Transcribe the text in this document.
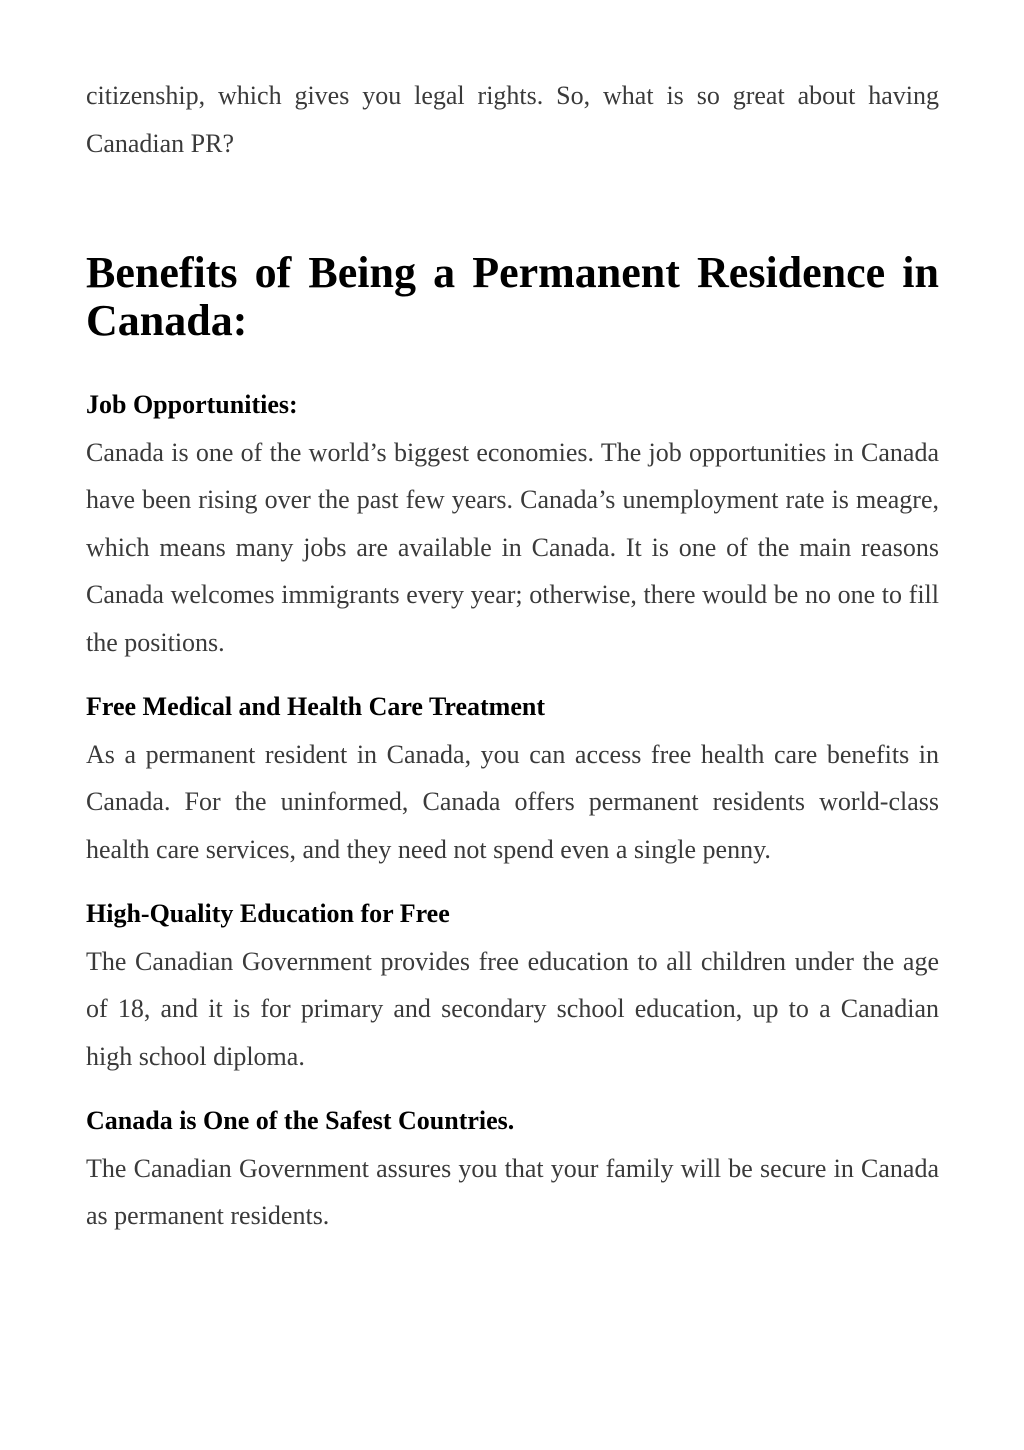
citizenship, which gives you legal rights. So, what is so great about having Canadian PR?

Benefits of Being a Permanent Residence in Canada:
Job Opportunities:

Canada is one of the world’s biggest economies. The job opportunities in Canada have been rising over the past few years. Canada’s unemployment rate is meagre, which means many jobs are available in Canada. It is one of the main reasons Canada welcomes immigrants every year; otherwise, there would be no one to fill the positions.

Free Medical and Health Care Treatment

As a permanent resident in Canada, you can access free health care benefits in Canada. For the uninformed, Canada offers permanent residents world-class health care services, and they need not spend even a single penny.

High-Quality Education for Free

The Canadian Government provides free education to all children under the age of 18, and it is for primary and secondary school education, up to a Canadian high school diploma.

Canada is One of the Safest Countries.

The Canadian Government assures you that your family will be secure in Canada as permanent residents.
